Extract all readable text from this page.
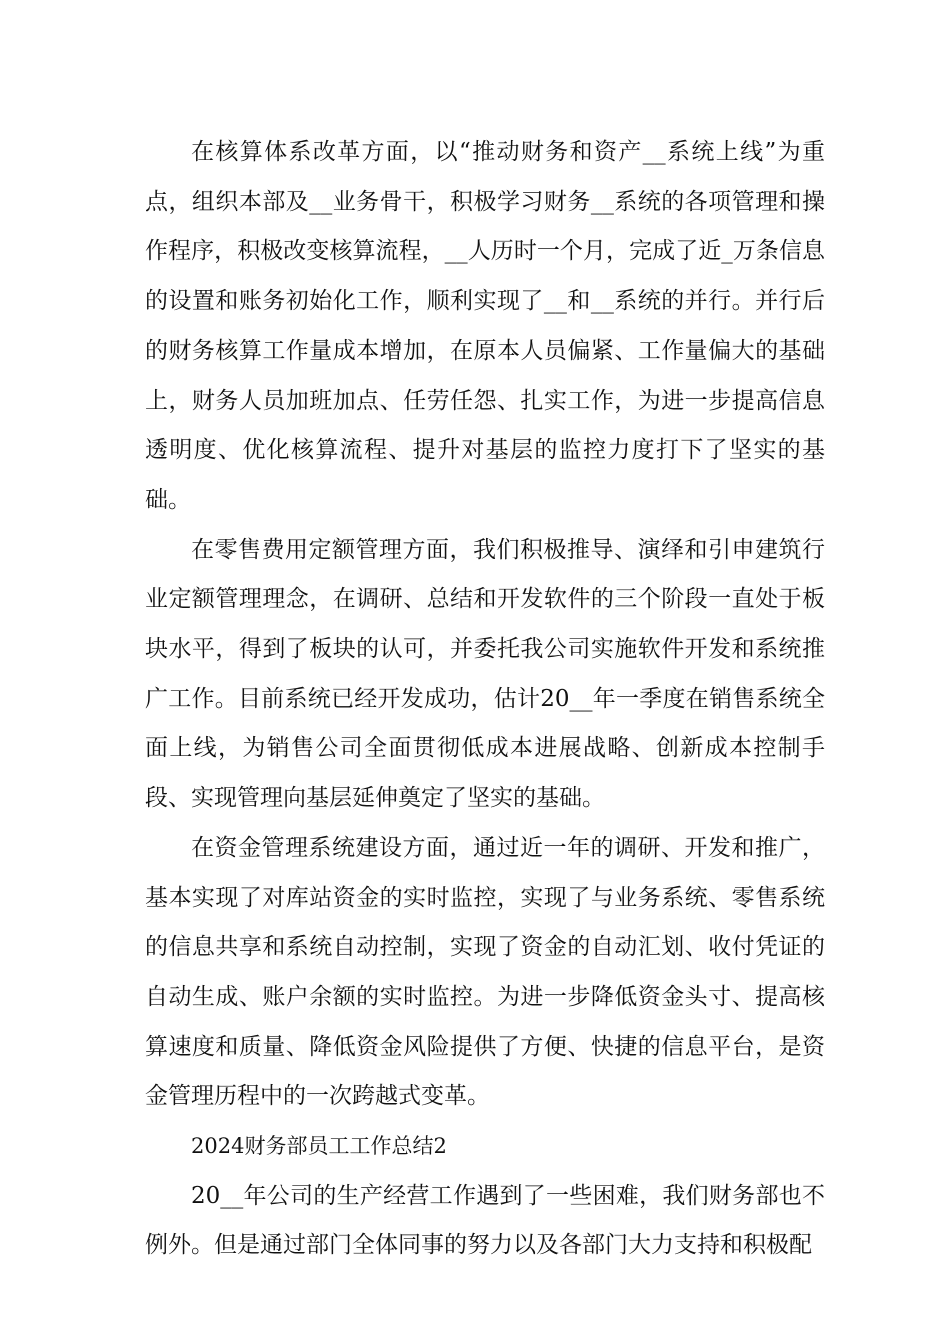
在核算体系改革方面，以“推动财务和资产__系统上线”为重点，组织本部及__业务骨干，积极学习财务__系统的各项管理和操作程序，积极改变核算流程，__人历时一个月，完成了近_万条信息的设置和账务初始化工作，顺利实现了__和__系统的并行。并行后的财务核算工作量成本增加，在原本人员偏紧、工作量偏大的基础上，财务人员加班加点、任劳任怨、扎实工作，为进一步提高信息透明度、优化核算流程、提升对基层的监控力度打下了坚实的基础。

在零售费用定额管理方面，我们积极推导、演绎和引申建筑行业定额管理理念，在调研、总结和开发软件的三个阶段一直处于板块水平，得到了板块的认可，并委托我公司实施软件开发和系统推广工作。目前系统已经开发成功，估计20__年一季度在销售系统全面上线，为销售公司全面贯彻低成本进展战略、创新成本控制手段、实现管理向基层延伸奠定了坚实的基础。

在资金管理系统建设方面，通过近一年的调研、开发和推广，基本实现了对库站资金的实时监控，实现了与业务系统、零售系统的信息共享和系统自动控制，实现了资金的自动汇划、收付凭证的自动生成、账户余额的实时监控。为进一步降低资金头寸、提高核算速度和质量、降低资金风险提供了方便、快捷的信息平台，是资金管理历程中的一次跨越式变革。

2024财务部员工工作总结2

20__年公司的生产经营工作遇到了一些困难，我们财务部也不例外。但是通过部门全体同事的努力以及各部门大力支持和积极配
